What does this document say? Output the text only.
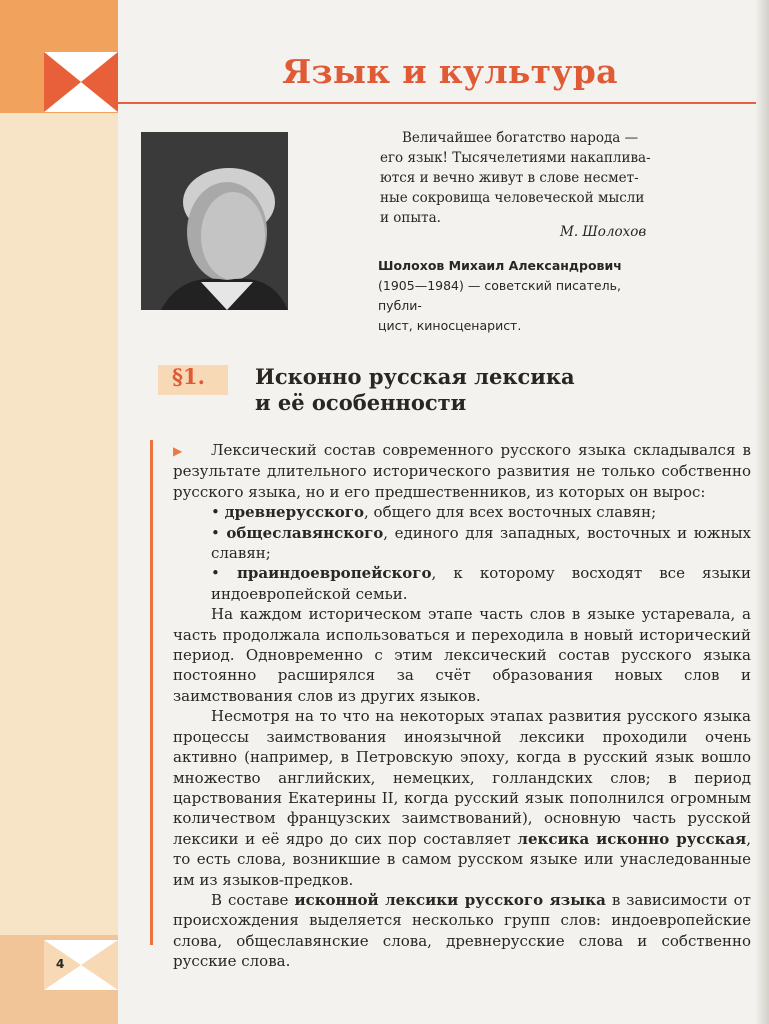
Язык и культура
Величайшее богатство народа —
его язык! Тысячелетиями накаплива-
ются и вечно живут в слове несмет-
ные сокровища человеческой мысли
и опыта.
М. Шолохов
Шолохов Михаил Александрович
(1905—1984) — советский писатель, публи-
цист, киносценарист.
§1. Исконно русская лексика
и её особенности

▶ Лексический состав современного русского языка складывался в результате длительного исторического развития не только собственно русского языка, но и его предшественников, из которых он вырос:

• древнерусского, общего для всех восточных славян;

• общеславянского, единого для западных, восточных и южных славян;

• праиндоевропейского, к которому восходят все языки индоевропейской семьи.

На каждом историческом этапе часть слов в языке устаревала, а часть продолжала использоваться и переходила в новый исторический период. Одновременно с этим лексический состав русского языка постоянно расширялся за счёт образования новых слов и заимствования слов из других языков.

Несмотря на то что на некоторых этапах развития русского языка процессы заимствования иноязычной лексики проходили очень активно (например, в Петровскую эпоху, когда в русский язык вошло множество английских, немецких, голландских слов; в период царствования Екатерины II, когда русский язык пополнился огромным количеством французских заимствований), основную часть русской лексики и её ядро до сих пор составляет лексика исконно русская, то есть слова, возникшие в самом русском языке или унаследованные им из языков-предков.

В составе исконной лексики русского языка в зависимости от происхождения выделяется несколько групп слов: индоевропейские слова, общеславянские слова, древнерусские слова и собственно русские слова.

4
